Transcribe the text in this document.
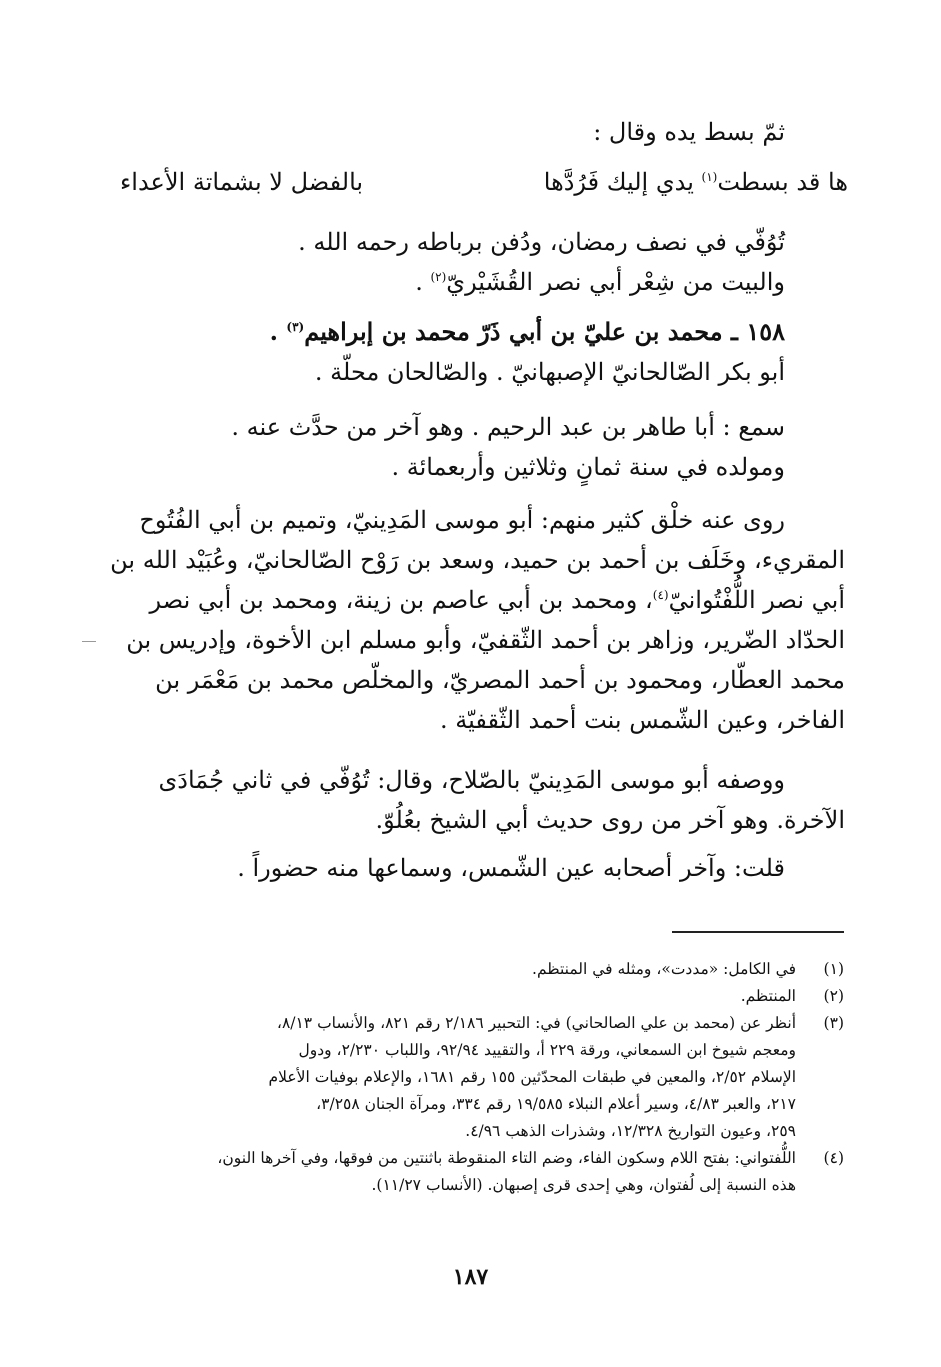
ثمّ بسط يده وقال :
ها قد بسطت$^{(١)}$ يدي إليك فَرُدَّها
بالفضل لا بشماتة الأعداء
تُوُفّي في نصف رمضان، ودُفن برباطه رحمه الله .
والبيت من شِعْر أبي نصر القُشَيْريّ$^{(٢)}$ .
١٥٨ ـ محمد بن عليّ بن أبي ذَرّ محمد بن إبراهيم$^{(٣)}$ .
أبو بكر الصّالحانيّ الإصبهانيّ . والصّالحان محلّة .
سمع : أبا طاهر بن عبد الرحيم . وهو آخر من حدَّث عنه .
ومولده في سنة ثمانٍ وثلاثين وأربعمائة .
روى عنه خلْق كثير منهم: أبو موسى المَدِينيّ، وتميم بن أبي الفُتُوح
المقريء، وخَلَف بن أحمد بن حميد، وسعد بن رَوْح الصّالحانيّ، وعُبَيْد الله بن
أبي نصر اللُّفْتُوانيّ$^{(٤)}$، ومحمد بن أبي عاصم بن زينة، ومحمد بن أبي نصر
الحدّاد الضّرير، وزاهر بن أحمد الثّقفيّ، وأبو مسلم ابن الأخوة، وإدريس بن
محمد العطّار، ومحمود بن أحمد المصريّ، والمخلّص محمد بن مَعْمَر بن
الفاخر، وعين الشّمس بنت أحمد الثّقفيّة .
ووصفه أبو موسى المَدِينيّ بالصّلاح، وقال: تُوُفّي في ثاني جُمَادَى
الآخرة. وهو آخر من روى حديث أبي الشيخ بعُلُوّ.
قلت: وآخر أصحابه عين الشّمس، وسماعها منه حضوراً .
(١)
في الكامل: «مددت»، ومثله في المنتظم.
(٢)
المنتظم.
(٣)
أنظر عن (محمد بن علي الصالحاني) في: التحبير ٢/١٨٦ رقم ٨٢١، والأنساب ٨/١٣،
ومعجم شيوخ ابن السمعاني، ورقة ٢٢٩ أ، والتقييد ٩٢/٩٤، واللباب ٢/٢٣٠، ودول
الإسلام ٢/٥٢، والمعين في طبقات المحدّثين ١٥٥ رقم ١٦٨١، والإعلام بوفيات الأعلام
٢١٧، والعبر ٤/٨٣، وسير أعلام النبلاء ١٩/٥٨٥ رقم ٣٣٤، ومرآة الجنان ٣/٢٥٨،
٢٥٩، وعيون التواريخ ١٢/٣٢٨، وشذرات الذهب ٤/٩٦.
(٤)
اللُّفتواني: بفتح اللام وسكون الفاء، وضم التاء المنقوطة باثنتين من فوقها، وفي آخرها النون،
هذه النسبة إلى لُفتوان، وهي إحدى قرى إصبهان. (الأنساب ١١/٢٧).
١٨٧
